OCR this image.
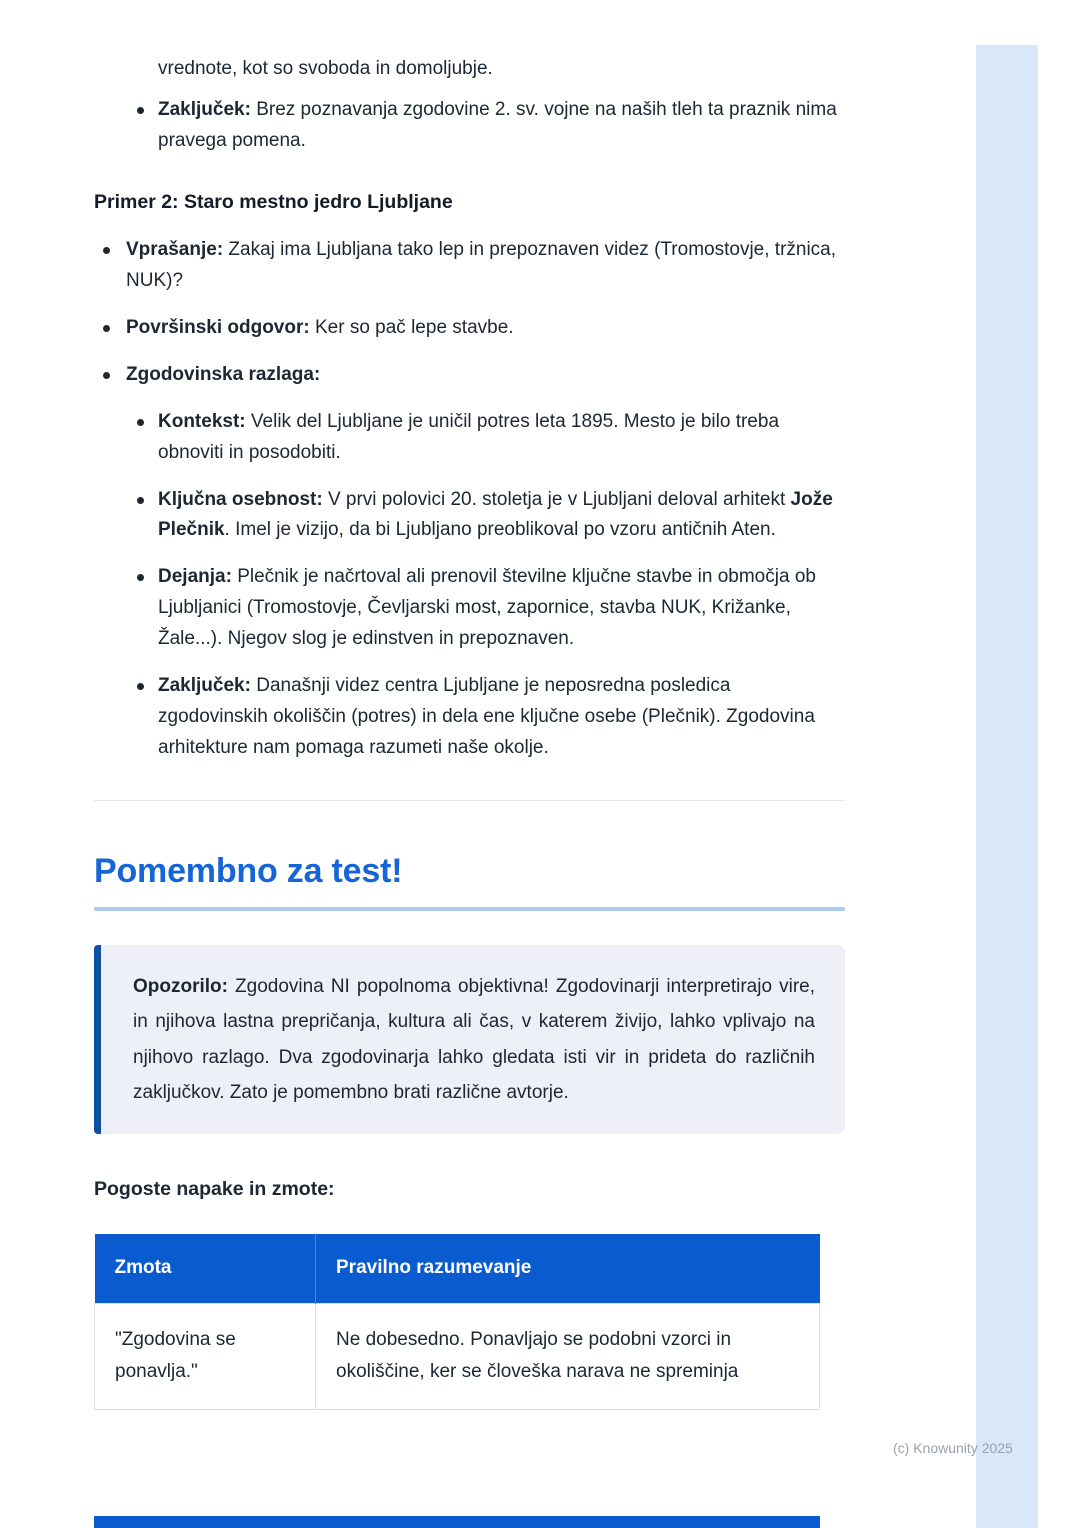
vrednote, kot so svoboda in domoljubje.
Zaključek: Brez poznavanja zgodovine 2. sv. vojne na naših tleh ta praznik nima pravega pomena.
Primer 2: Staro mestno jedro Ljubljane
Vprašanje: Zakaj ima Ljubljana tako lep in prepoznaven videz (Tromostovje, tržnica, NUK)?
Površinski odgovor: Ker so pač lepe stavbe.
Zgodovinska razlaga:
Kontekst: Velik del Ljubljane je uničil potres leta 1895. Mesto je bilo treba obnoviti in posodobiti.
Ključna osebnost: V prvi polovici 20. stoletja je v Ljubljani deloval arhitekt Jože Plečnik. Imel je vizijo, da bi Ljubljano preoblikoval po vzoru antičnih Aten.
Dejanja: Plečnik je načrtoval ali prenovil številne ključne stavbe in območja ob Ljubljanici (Tromostovje, Čevljarski most, zapornice, stavba NUK, Križanke, Žale...). Njegov slog je edinstven in prepoznaven.
Zaključek: Današnji videz centra Ljubljane je neposredna posledica zgodovinskih okoliščin (potres) in dela ene ključne osebe (Plečnik). Zgodovina arhitekture nam pomaga razumeti naše okolje.
Pomembno za test!
Opozorilo: Zgodovina NI popolnoma objektivna! Zgodovinarji interpretirajo vire, in njihova lastna prepričanja, kultura ali čas, v katerem živijo, lahko vplivajo na njihovo razlago. Dva zgodovinarja lahko gledata isti vir in prideta do različnih zaključkov. Zato je pomembno brati različne avtorje.
Pogoste napake in zmote:
Zmota	Pravilno razumevanje
"Zgodovina se ponavlja."	Ne dobesedno. Ponavljajo se podobni vzorci in okoliščine, ker se človeška narava ne spreminja
(c) Knowunity 2025
